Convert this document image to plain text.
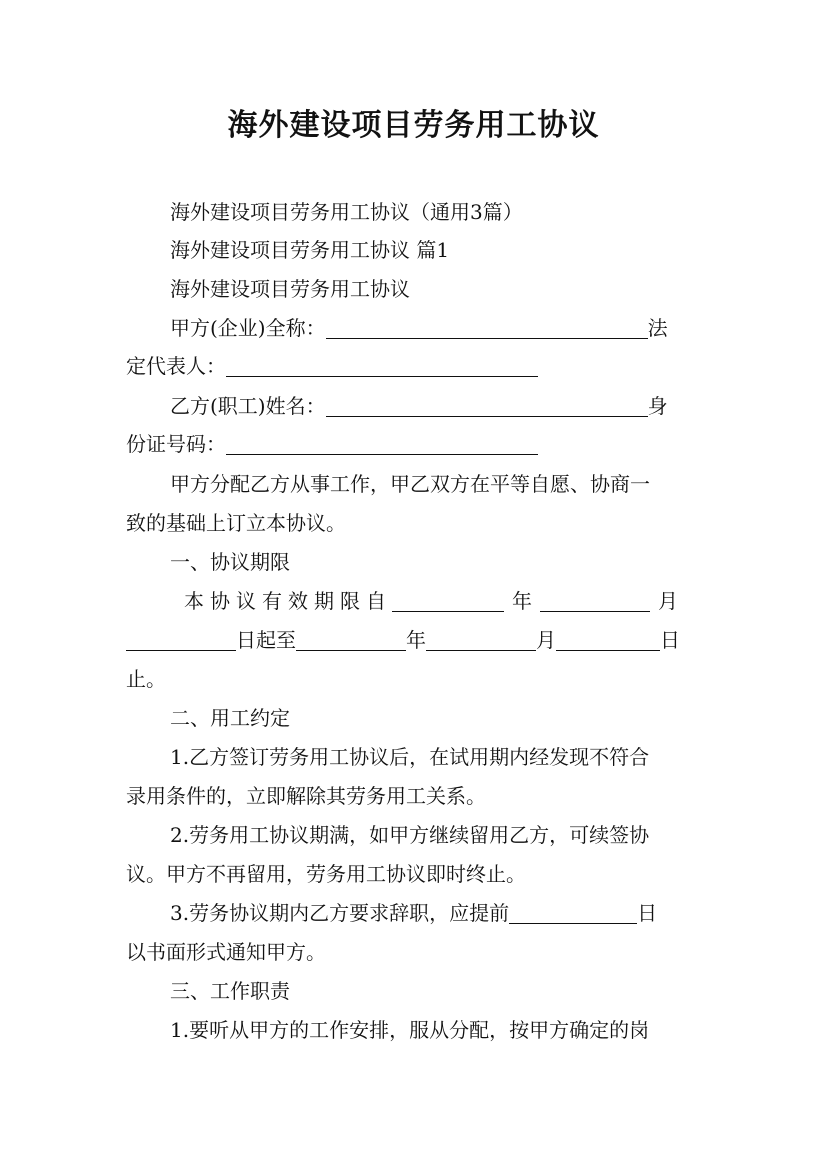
海外建设项目劳务用工协议
海外建设项目劳务用工协议（通用3篇）
海外建设项目劳务用工协议 篇1
海外建设项目劳务用工协议
甲方(企业)全称：	法
定代表人：
乙方(职工)姓名：	身
份证号码：
甲方分配乙方从事工作，甲乙双方在平等自愿、协商一
致的基础上订立本协议。
一、协议期限
本协议有效期限自	年	月
日起至	年	月	日
止。
二、用工约定
1.乙方签订劳务用工协议后，在试用期内经发现不符合
录用条件的，立即解除其劳务用工关系。
2.劳务用工协议期满，如甲方继续留用乙方，可续签协
议。甲方不再留用，劳务用工协议即时终止。
3.劳务协议期内乙方要求辞职，应提前	日
以书面形式通知甲方。
三、工作职责
1.要听从甲方的工作安排，服从分配，按甲方确定的岗
